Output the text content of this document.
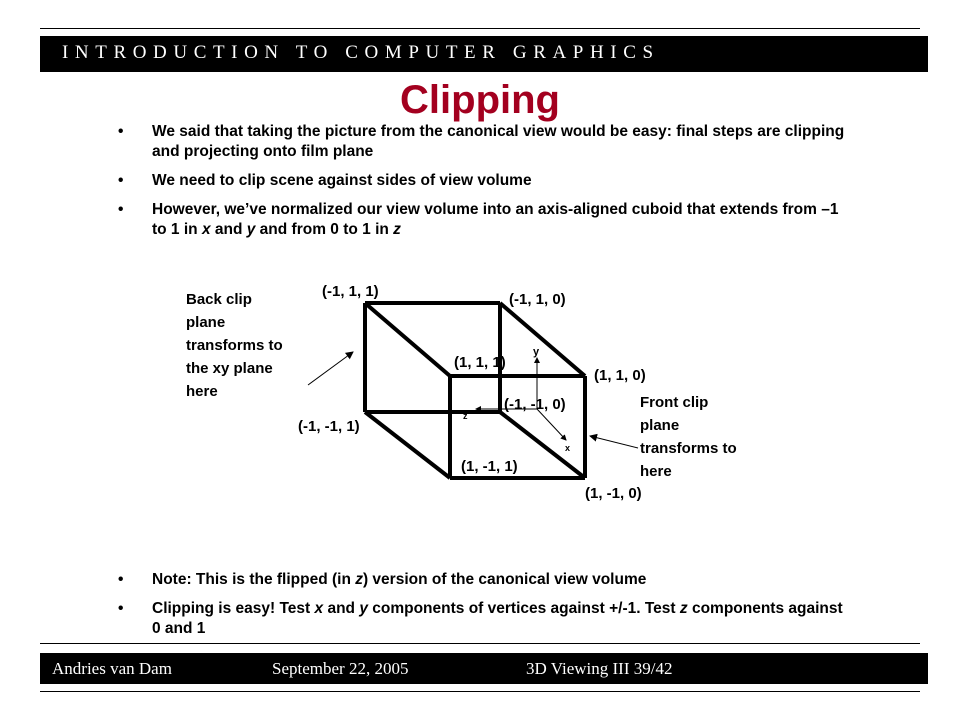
INTRODUCTION TO COMPUTER GRAPHICS
Clipping
• We said that taking the picture from the canonical view would be easy: final steps are clipping and projecting onto film plane
• We need to clip scene against sides of view volume
• However, we’ve normalized our view volume into an axis-aligned cuboid that extends from –1 to 1 in x and y and from 0 to 1 in z
(-1, 1, 1)	(-1, 1, 0)
(1, 1, 1)
(1, 1, 0)
(-1, -1, 1)
(-1, -1, 0)
(1, -1, 1)
(1, -1, 0)
y
z
x
Back clip plane transforms to the xy plane here
Front clip plane transforms to here
• Note: This is the flipped (in z) version of the canonical view volume
• Clipping is easy! Test x and y components of vertices against +/-1. Test z components against 0 and 1
Andries van Dam	September 22, 2005	3D Viewing III 39/42
